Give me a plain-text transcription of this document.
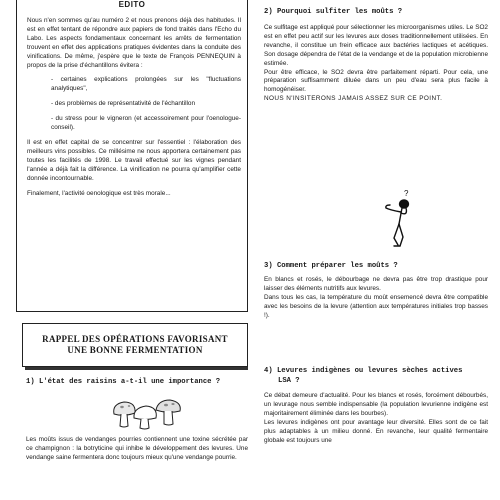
EDITO

Nous n'en sommes qu'au numéro 2 et nous prenons déjà des habitudes. Il est en effet tentant de répondre aux papiers de fond traités dans l'Echo du Labo. Les aspects fondamentaux concernant les arrêts de fermentation trouvent en effet des applications pratiques évidentes dans la conduite des vinifications. De même, j'espère que le texte de François PENNEQUIN à propos de la prise d'échantillons évitera :

- certaines explications prolongées sur les "fluctuations analytiques",

- des problèmes de représentativité de l'échantillon

- du stress pour le vigneron (et accessoirement pour l'oenologue-conseil).

Il est en effet capital de se concentrer sur l'essentiel : l'élaboration des meilleurs vins possibles. Ce millésime ne nous apportera certainement pas toutes les facilités de 1998. Le travail effectué sur les vignes pendant l'année a déjà fait la différence. La vinification ne pourra qu'amplifier cette donnée incontournable.

Finalement, l'activité oenologique est très morale...

RAPPEL DES OPÉRATIONS FAVORISANT
UNE BONNE FERMENTATION
1) L'état des raisins a-t-il une importance ?

Les moûts issus de vendanges pourries contiennent une toxine sécrétée par ce champignon : la botryticine qui inhibe le développement des levures. Une vendange saine fermentera donc toujours mieux qu'une vendange pourrie.

2) Pourquoi sulfiter les moûts ?

Ce sulfitage est appliqué pour sélectionner les microorganismes utiles. Le SO2 est en effet peu actif sur les levures aux doses traditionnellement utilisées. En revanche, il constitue un frein efficace aux bactéries lactiques et acétiques. Son dosage dépendra de l'état de la vendange et de la population microbienne estimée.

Pour être efficace, le SO2 devra être parfaitement réparti. Pour cela, une préparation suffisamment diluée dans un peu d'eau sera plus facile à homogénéiser.

NOUS N'INSITERONS JAMAIS ASSEZ SUR CE POINT.

?
3) Comment préparer les moûts ?

En blancs et rosés, le débourbage ne devra pas être trop drastique pour laisser des éléments nutritifs aux levures.

Dans tous les cas, la température du moût ensemencé devra être compatible avec les besoins de la levure (attention aux températures initiales trop basses !).

4) Levures indigènes ou levures sèches actives
LSA ?

Ce débat demeure d'actualité. Pour les blancs et rosés, forcément débourbés, un levurage nous semble indispensable (la population levurienne indigène est majoritairement éliminée dans les bourbes).

Les levures indigènes ont pour avantage leur diversité. Elles sont de ce fait plus adaptables à un milieu donné. En revanche, leur qualité fermentaire globale est toujours une
